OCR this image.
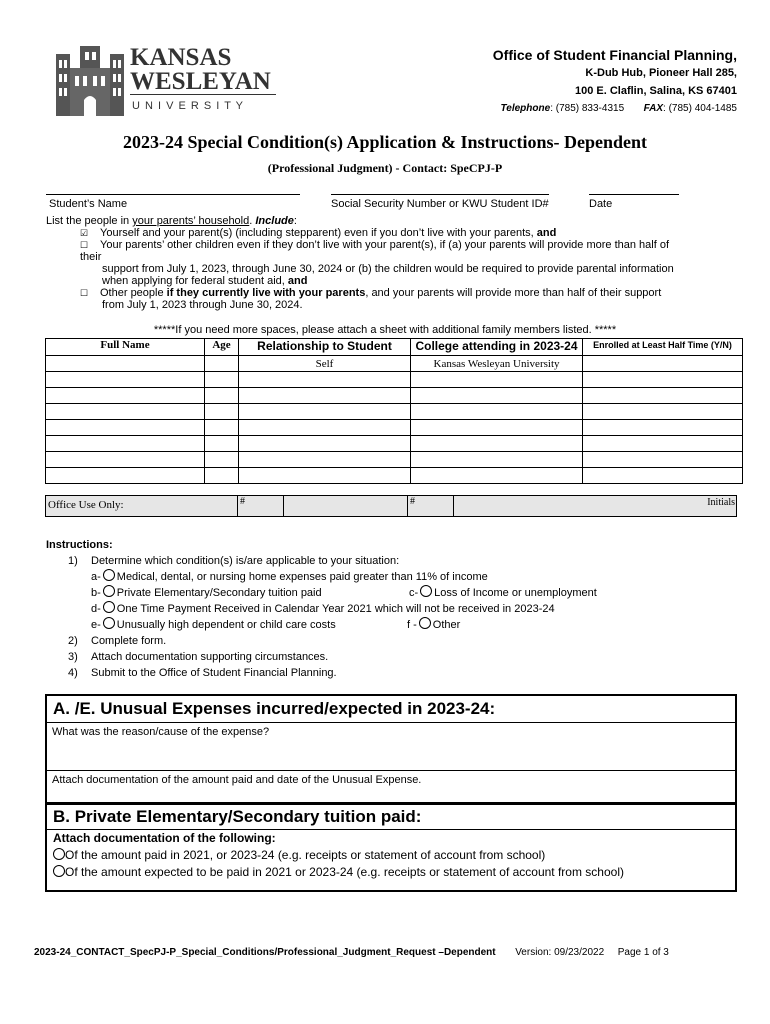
KANSAS
WESLEYAN
U N I V E R S I T Y
Office of Student Financial Planning,
K-Dub Hub, Pioneer Hall 285,
100 E. Claflin, Salina, KS 67401
Telephone: (785) 833-4315 FAX: (785) 404-1485
2023-24 Special Condition(s) Application & Instructions- Dependent
(Professional Judgment) - Contact: SpeCPJ-P
Student’s Name	Social Security Number or KWU Student ID#	Date
List the people in your parents’ household. Include:
☑ Yourself and your parent(s) (including stepparent) even if you don’t live with your parents, and
☐ Your parents’ other children even if they don’t live with your parent(s), if (a) your parents will provide more than half of
their
support from July 1, 2023, through June 30, 2024 or (b) the children would be required to provide parental information
when applying for federal student aid, and
☐ Other people if they currently live with your parents, and your parents will provide more than half of their support
from July 1, 2023 through June 30, 2024.
*****If you need more spaces, please attach a sheet with additional family members listed. *****
Full Name	Age	Relationship to Student	College attending in 2023-24	Enrolled at Least Half Time (Y/N)
		Self	Kansas Wesleyan University	

Office Use Only:	#	#	Initials
Instructions:
1) Determine which condition(s) is/are applicable to your situation:
a- Medical, dental, or nursing home expenses paid greater than 11% of income
b- Private Elementary/Secondary tuition paid	c- Loss of Income or unemployment
d- One Time Payment Received in Calendar Year 2021 which will not be received in 2023-24
e- Unusually high dependent or child care costs	f - Other
2) Complete form.
3) Attach documentation supporting circumstances.
4) Submit to the Office of Student Financial Planning.
A. /E. Unusual Expenses incurred/expected in 2023-24:
What was the reason/cause of the expense?
Attach documentation of the amount paid and date of the Unusual Expense.
B. Private Elementary/Secondary tuition paid:
Attach documentation of the following:
Of the amount paid in 2021, or 2023-24 (e.g. receipts or statement of account from school)
Of the amount expected to be paid in 2021 or 2023-24 (e.g. receipts or statement of account from school)
2023-24_CONTACT_SpecPJ-P_Special_Conditions/Professional_Judgment_Request –Dependent Version: 09/23/2022 Page 1 of 3
